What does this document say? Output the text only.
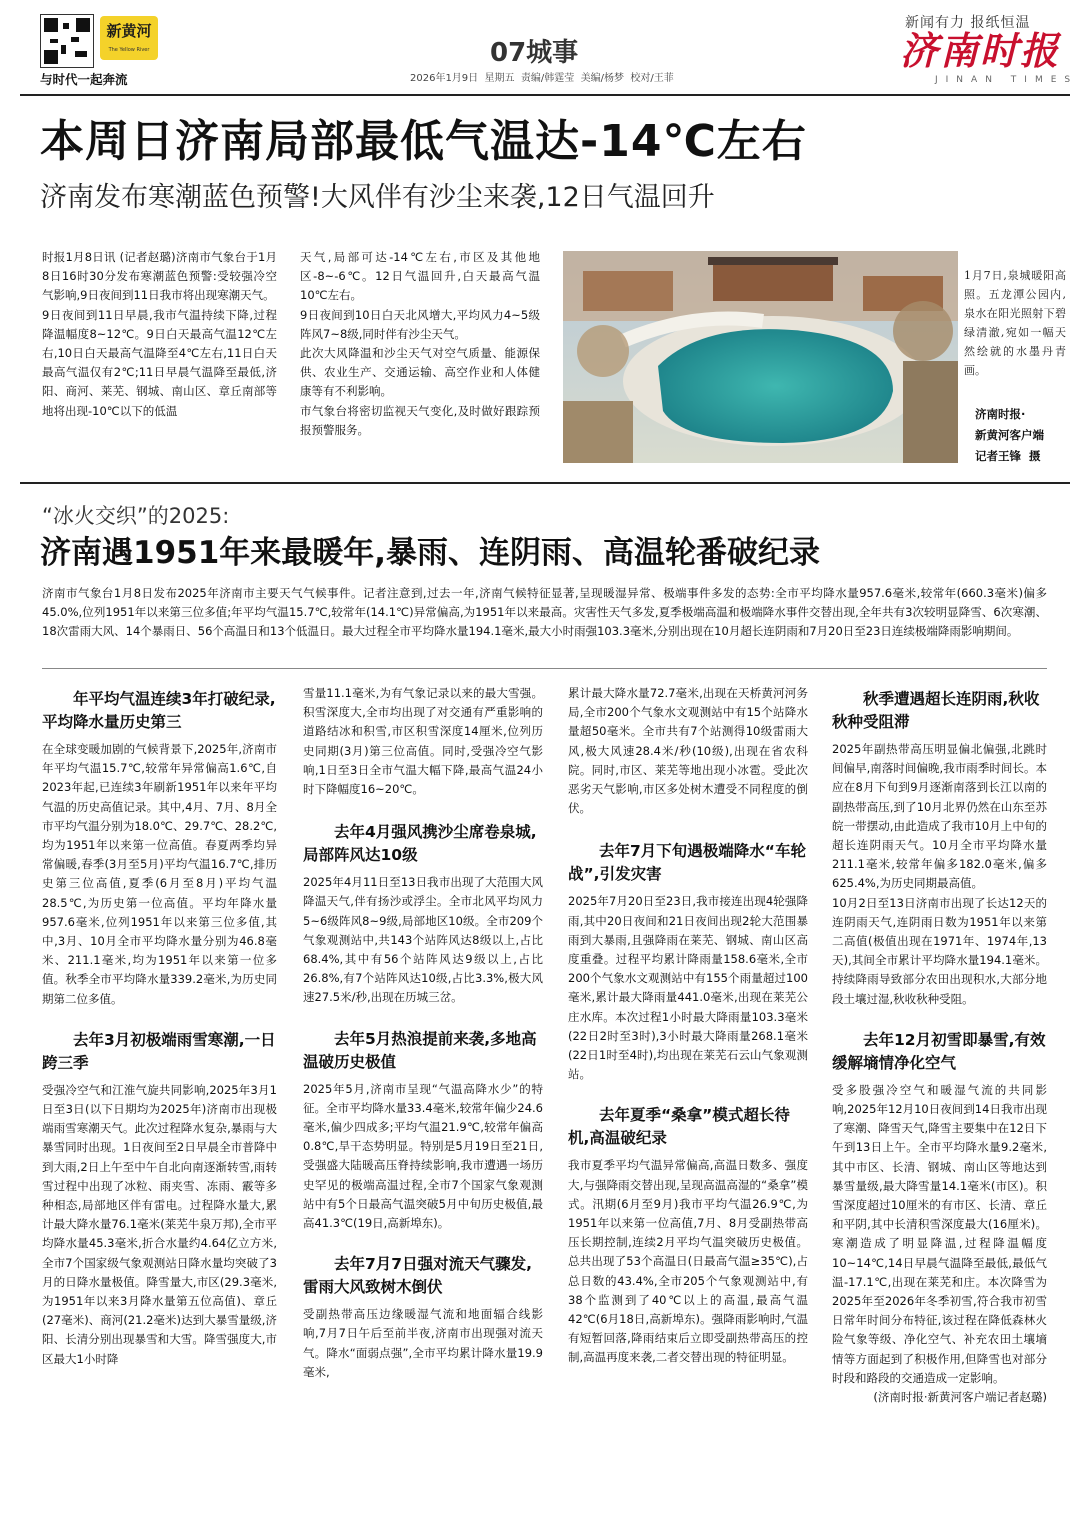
新黄河
The Yellow River
与时代一起奔流
07城事
2026年1月9日  星期五  责编/韩霆莹  美编/杨梦  校对/王菲
新闻有力 报纸恒温
济南时报
JINAN TIMES
本周日济南局部最低气温达-14℃左右
济南发布寒潮蓝色预警!大风伴有沙尘来袭,12日气温回升

时报1月8日讯 (记者赵璐)济南市气象台于1月8日16时30分发布寒潮蓝色预警:受较强冷空气影响,9日夜间到11日我市将出现寒潮天气。
9日夜间到11日早晨,我市气温持续下降,过程降温幅度8~12℃。9日白天最高气温12℃左右,10日白天最高气温降至4℃左右,11日白天最高气温仅有2℃;11日早晨气温降至最低,济阳、商河、莱芜、钢城、南山区、章丘南部等地将出现-10℃以下的低温

天气,局部可达-14℃左右,市区及其他地区-8~-6℃。12日气温回升,白天最高气温10℃左右。
9日夜间到10日白天北风增大,平均风力4~5级阵风7~8级,同时伴有沙尘天气。
此次大风降温和沙尘天气对空气质量、能源保供、农业生产、交通运输、高空作业和人体健康等有不利影响。
市气象台将密切监视天气变化,及时做好跟踪预报预警服务。

1月7日,泉城暖阳高照。五龙潭公园内,泉水在阳光照射下碧绿清澈,宛如一幅天然绘就的水墨丹青画。

济南时报·
新黄河客户端
记者王锋  摄
“冰火交织”的2025:
济南遇1951年来最暖年,暴雨、连阴雨、高温轮番破纪录

济南市气象台1月8日发布2025年济南市主要天气气候事件。记者注意到,过去一年,济南气候特征显著,呈现暖湿异常、极端事件多发的态势:全市平均降水量957.6毫米,较常年(660.3毫米)偏多45.0%,位列1951年以来第三位多值;年平均气温15.7℃,较常年(14.1℃)异常偏高,为1951年以来最高。灾害性天气多发,夏季极端高温和极端降水事件交替出现,全年共有3次较明显降雪、6次寒潮、18次雷雨大风、14个暴雨日、56个高温日和13个低温日。最大过程全市平均降水量194.1毫米,最大小时雨强103.3毫米,分别出现在10月超长连阴雨和7月20日至23日连续极端降雨影响期间。

年平均气温连续3年打破纪录,平均降水量历史第三

在全球变暖加剧的气候背景下,2025年,济南市年平均气温15.7℃,较常年异常偏高1.6℃,自2023年起,已连续3年刷新1951年以来年平均气温的历史高值记录。其中,4月、7月、8月全市平均气温分别为18.0℃、29.7℃、28.2℃,均为1951年以来第一位高值。春夏两季均异常偏暖,春季(3月至5月)平均气温16.7℃,排历史第三位高值,夏季(6月至8月)平均气温28.5℃,为历史第一位高值。平均年降水量957.6毫米,位列1951年以来第三位多值,其中,3月、10月全市平均降水量分别为46.8毫米、211.1毫米,均为1951年以来第一位多值。秋季全市平均降水量339.2毫米,为历史同期第二位多值。

去年3月初极端雨雪寒潮,一日跨三季

受强冷空气和江淮气旋共同影响,2025年3月1日至3日(以下日期均为2025年)济南市出现极端雨雪寒潮天气。此次过程降水复杂,暴雨与大暴雪同时出现。1日夜间至2日早晨全市普降中到大雨,2日上午至中午自北向南逐渐转雪,雨转雪过程中出现了冰粒、雨夹雪、冻雨、霰等多种相态,局部地区伴有雷电。过程降水量大,累计最大降水量76.1毫米(莱芜牛泉万邦),全市平均降水量45.3毫米,折合水量约4.64亿立方米,全市7个国家级气象观测站日降水量均突破了3月的日降水量极值。降雪量大,市区(29.3毫米,为1951年以来3月降水量第五位高值)、章丘(27毫米)、商河(21.2毫米)达到大暴雪量级,济阳、长清分别出现暴雪和大雪。降雪强度大,市区最大1小时降

雪量11.1毫米,为有气象记录以来的最大雪强。积雪深度大,全市均出现了对交通有严重影响的道路结冰和积雪,市区积雪深度14厘米,位列历史同期(3月)第三位高值。同时,受强冷空气影响,1日至3日全市气温大幅下降,最高气温24小时下降幅度16~20℃。

去年4月强风携沙尘席卷泉城,局部阵风达10级

2025年4月11日至13日我市出现了大范围大风降温天气,伴有扬沙或浮尘。全市北风平均风力5~6级阵风8~9级,局部地区10级。全市209个气象观测站中,共143个站阵风达8级以上,占比68.4%,其中有56个站阵风达9级以上,占比26.8%,有7个站阵风达10级,占比3.3%,极大风速27.5米/秒,出现在历城三岔。

去年5月热浪提前来袭,多地高温破历史极值

2025年5月,济南市呈现“气温高降水少”的特征。全市平均降水量33.4毫米,较常年偏少24.6毫米,偏少四成多;平均气温21.9℃,较常年偏高0.8℃,旱干态势明显。特别是5月19日至21日,受强盛大陆暖高压脊持续影响,我市遭遇一场历史罕见的极端高温过程,全市7个国家气象观测站中有5个日最高气温突破5月中旬历史极值,最高41.3℃(19日,高新埠东)。

去年7月7日强对流天气骤发,雷雨大风致树木倒伏

受副热带高压边缘暖湿气流和地面辐合线影响,7月7日午后至前半夜,济南市出现强对流天气。降水“面弱点强”,全市平均累计降水量19.9毫米,

累计最大降水量72.7毫米,出现在天桥黄河河务局,全市200个气象水文观测站中有15个站降水量超50毫米。全市共有7个站测得10级雷雨大风,极大风速28.4米/秒(10级),出现在省农科院。同时,市区、莱芜等地出现小冰雹。受此次恶劣天气影响,市区多处树木遭受不同程度的倒伏。

去年7月下旬遇极端降水“车轮战”,引发灾害

2025年7月20日至23日,我市接连出现4轮强降雨,其中20日夜间和21日夜间出现2轮大范围暴雨到大暴雨,且强降雨在莱芜、钢城、南山区高度重叠。过程平均累计降雨量158.6毫米,全市200个气象水文观测站中有155个雨量超过100毫米,累计最大降雨量441.0毫米,出现在莱芜公庄水库。本次过程1小时最大降雨量103.3毫米(22日2时至3时),3小时最大降雨量268.1毫米(22日1时至4时),均出现在莱芜石云山气象观测站。

去年夏季“桑拿”模式超长待机,高温破纪录

我市夏季平均气温异常偏高,高温日数多、强度大,与强降雨交替出现,呈现高温高湿的“桑拿”模式。汛期(6月至9月)我市平均气温26.9℃,为1951年以来第一位高值,7月、8月受副热带高压长期控制,连续2月平均气温突破历史极值。总共出现了53个高温日(日最高气温≥35℃),占总日数的43.4%,全市205个气象观测站中,有38个监测到了40℃以上的高温,最高气温42℃(6月18日,高新埠东)。强降雨影响时,气温有短暂回落,降雨结束后立即受副热带高压的控制,高温再度来袭,二者交替出现的特征明显。

秋季遭遇超长连阴雨,秋收秋种受阻滞

2025年副热带高压明显偏北偏强,北跳时间偏早,南落时间偏晚,我市雨季时间长。本应在8月下旬到9月逐渐南落到长江以南的副热带高压,到了10月北界仍然在山东至苏皖一带摆动,由此造成了我市10月上中旬的超长连阴雨天气。10月全市平均降水量211.1毫米,较常年偏多182.0毫米,偏多625.4%,为历史同期最高值。
10月2日至13日济南市出现了长达12天的连阴雨天气,连阴雨日数为1951年以来第二高值(极值出现在1971年、1974年,13天),其间全市累计平均降水量194.1毫米。持续降雨导致部分农田出现积水,大部分地段土壤过湿,秋收秋种受阻。

去年12月初雪即暴雪,有效缓解墒情净化空气

受多股强冷空气和暖湿气流的共同影响,2025年12月10日夜间到14日我市出现了寒潮、降雪天气,降雪主要集中在12日下午到13日上午。全市平均降水量9.2毫米,其中市区、长清、钢城、南山区等地达到暴雪量级,最大降雪量14.1毫米(市区)。积雪深度超过10厘米的有市区、长清、章丘和平阴,其中长清积雪深度最大(16厘米)。寒潮造成了明显降温,过程降温幅度10~14℃,14日早晨气温降至最低,最低气温-17.1℃,出现在莱芜和庄。本次降雪为2025年至2026年冬季初雪,符合我市初雪日常年时间分布特征,该过程在降低森林火险气象等级、净化空气、补充农田土壤墒情等方面起到了积极作用,但降雪也对部分时段和路段的交通造成一定影响。

(济南时报·新黄河客户端记者赵璐)
